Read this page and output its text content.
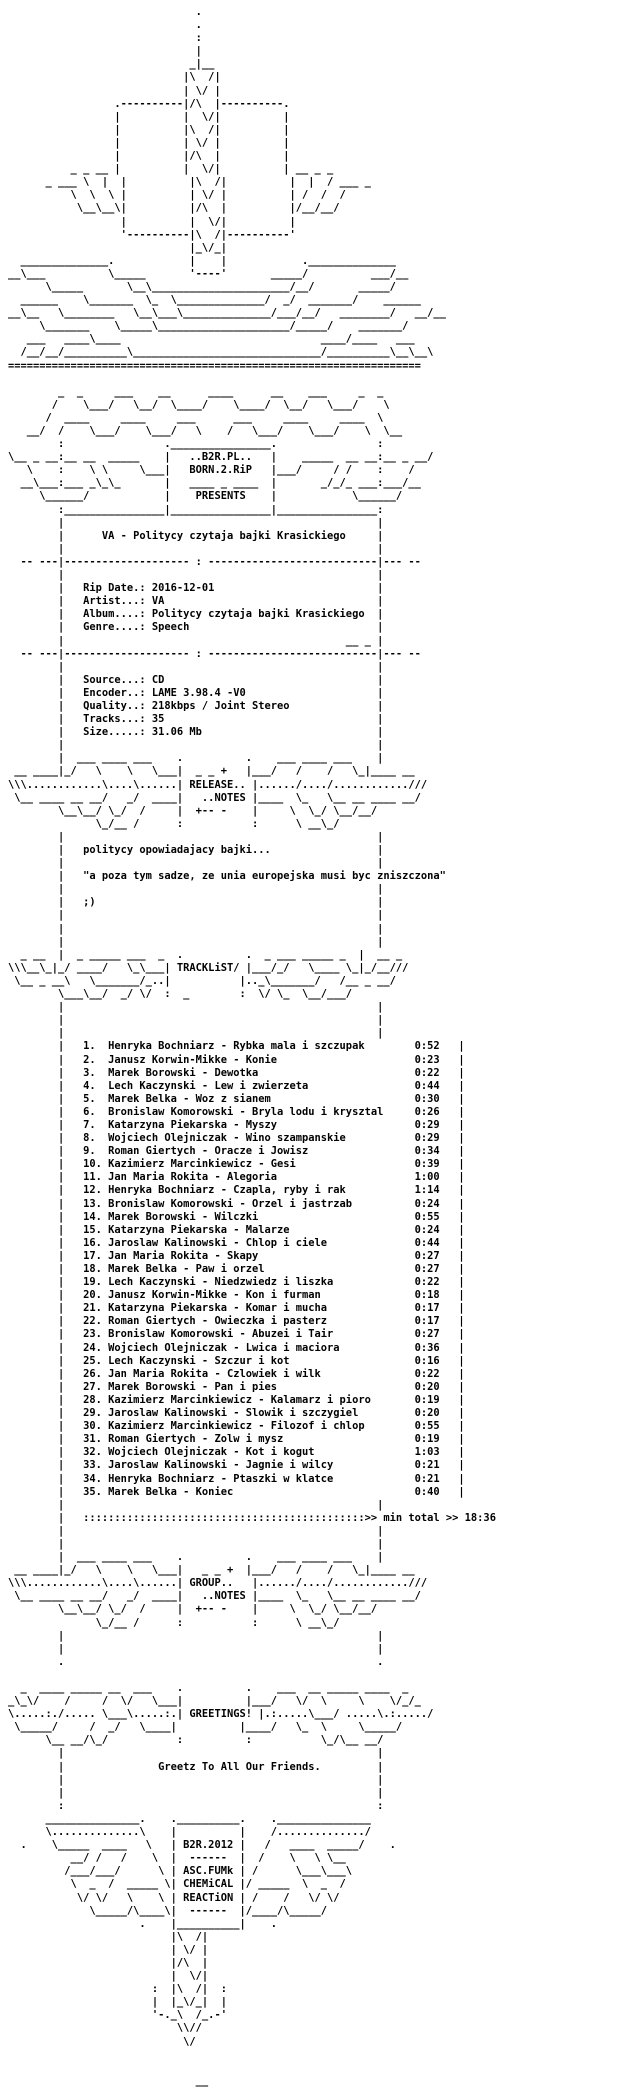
.
.
:
|
_|__
|\  /|
| \/ |
.----------|/\  |----------.
|          |  \/|          |
|          |\  /|          |
|          | \/ |          |
|          |/\  |          |
_ _ __ |          |  \/|          | __ _ _
_ ___ \  |  |          |\  /|          |  |  / ___ _
\  \  \ |          | \/ |          | /  /  /
\__\__\|          |/\  |          |/__/__/
|          |  \/|          |
'----------|\  /|----------'
|_\/_|
______________.            |    |            .______________
__\___          \_____       '----'       _____/          ___/__
\_____       \__\______________________/__/       _____/
______    \_______  \_  \______________/  _/  _______/    ______
__\__   \________   \__\___\______________/___/__/   ________/   __/__
\_______    \_____\_____________________/_____/    _______/
___   ____\____                                ____/____   ___
/__/__/__________\______________________________/__________\__\__\
==================================================================

_  _     ___    __      ____      __    ___     _  _
/    \___/   \__/  \____/    \____/  \__/   \___/    \
/  ____     ____     ___      ___     ____     ____  \
__/  /    \___/    \___/   \    /   \___/    \___/    \  \__
:                .________________.                :
\__ _ __:__ __  _____    |   ..B2R.PL..   |    _____  __ __:__ _ __/
\    :    \ \     \___|   BORN.2.RiP   |___/     / /    :    /
__\___:___ _\_\_       |   ____ _ ____  |       _/_/_ ___:___/__
\______/            |    PRESENTS    |            \______/
:________________|________________|________________:
|                                                  |
|      VA - Politycy czytaja bajki Krasickiego     |
|                                                  |
-- ---|-------------------- : ---------------------------|--- --
|                                                  |
|   Rip Date.: 2016-12-01                          |
|   Artist...: VA                                  |
|   Album....: Politycy czytaja bajki Krasickiego  |
|   Genre....: Speech                              |
|                                             __ _ |
-- ---|-------------------- : ---------------------------|--- --
|                                                  |
|   Source...: CD                                  |
|   Encoder..: LAME 3.98.4 -V0                     |
|   Quality..: 218kbps / Joint Stereo              |
|   Tracks...: 35                                  |
|   Size.....: 31.06 Mb                            |
|                                                  |
|  ___ ____ ___    .          .    ___ ____ ___    |
__ ____|_/   \    \   \___|  _ _ +   |___/   /    /   \_|____ __
\\\............\....\......| RELEASE.. |....../..../............///
\__ ____ __ __/   _/  ____|   ..NOTES |____  \_   \__ __ ____ __/
\__\__/ \_/  /     |  +-- -    |     \  \_/ \__/__/
\_/__ /      :           :      \ __\_/
|                                                  |
|   politycy opowiadajacy bajki...                 |
|                                                  |
|   "a poza tym sadze, ze unia europejska musi byc zniszczona"
|                                                  |
|   ;)                                             |
|                                                  |
|                                                  |
|                                                  |
_ __  |  _ _____ ___  _  .          .  _ ___ _____ _  |  __ _
\\\__\_|_/ ____/   \_\___| TRACKLiST/ |___/_/   \____ \_|_/__///
\__ _ __\   \_______/_..|           |.._\_______/   /__ _ __/
\___\__/  _/ \/  :  _        :  \/ \_  \__/___/
|                                                  |
|                                                  |
|                                                  |
|   1.  Henryka Bochniarz - Rybka mala i szczupak        0:52   |
|   2.  Janusz Korwin-Mikke - Konie                      0:23   |
|   3.  Marek Borowski - Dewotka                         0:22   |
|   4.  Lech Kaczynski - Lew i zwierzeta                 0:44   |
|   5.  Marek Belka - Woz z sianem                       0:30   |
|   6.  Bronislaw Komorowski - Bryla lodu i krysztal     0:26   |
|   7.  Katarzyna Piekarska - Myszy                      0:29   |
|   8.  Wojciech Olejniczak - Wino szampanskie           0:29   |
|   9.  Roman Giertych - Oracze i Jowisz                 0:34   |
|   10. Kazimierz Marcinkiewicz - Gesi                   0:39   |
|   11. Jan Maria Rokita - Alegoria                      1:00   |
|   12. Henryka Bochniarz - Czapla, ryby i rak           1:14   |
|   13. Bronislaw Komorowski - Orzel i jastrzab          0:24   |
|   14. Marek Borowski - Wilczki                         0:55   |
|   15. Katarzyna Piekarska - Malarze                    0:24   |
|   16. Jaroslaw Kalinowski - Chlop i ciele              0:44   |
|   17. Jan Maria Rokita - Skapy                         0:27   |
|   18. Marek Belka - Paw i orzel                        0:27   |
|   19. Lech Kaczynski - Niedzwiedz i liszka             0:22   |
|   20. Janusz Korwin-Mikke - Kon i furman               0:18   |
|   21. Katarzyna Piekarska - Komar i mucha              0:17   |
|   22. Roman Giertych - Owieczka i pasterz              0:17   |
|   23. Bronislaw Komorowski - Abuzei i Tair             0:27   |
|   24. Wojciech Olejniczak - Lwica i maciora            0:36   |
|   25. Lech Kaczynski - Szczur i kot                    0:16   |
|   26. Jan Maria Rokita - Czlowiek i wilk               0:22   |
|   27. Marek Borowski - Pan i pies                      0:20   |
|   28. Kazimierz Marcinkiewicz - Kalamarz i pioro       0:19   |
|   29. Jaroslaw Kalinowski - Slowik i szczygiel         0:20   |
|   30. Kazimierz Marcinkiewicz - Filozof i chlop        0:55   |
|   31. Roman Giertych - Zolw i mysz                     0:19   |
|   32. Wojciech Olejniczak - Kot i kogut                1:03   |
|   33. Jaroslaw Kalinowski - Jagnie i wilcy             0:21   |
|   34. Henryka Bochniarz - Ptaszki w klatce             0:21   |
|   35. Marek Belka - Koniec                             0:40   |
|                                                  |
|   :::::::::::::::::::::::::::::::::::::::::::::>> min total >> 18:36
|                                                  |
|                                                  |
|  ___ ____ ___    .          .    ___ ____ ___    |
__ ____|_/   \    \   \___|   _ _ +  |___/   /    /   \_|____ __
\\\............\....\......| GROUP..   |....../..../............///
\__ ____ __ __/   _/  ____|   ..NOTES |____  \_   \__ __ ____ __/
\__\__/ \_/  /     |  +-- -    |     \  \_/ \__/__/
\_/__ /      :           :      \ __\_/
|                                                  |
|                                                  |
.                                                  .

_  ____ _____ __  ___    .          .    ___  __ _____ ____  _
_\_\/    /     /  \/   \___|          |___/   \/  \     \    \/_/_
\.....:./..... \___\.....:.| GREETINGS! |.:.....\___/ .....\.:...../
\_____/     /  _/   \____|          |____/   \_  \     \_____/
\__ __/\_/           :          :           \_/\__ __/
|                                                  |
|               Greetz To All Our Friends.         |
|                                                  |
|                                                  |
:                                                  :
_______________.    .__________.    ._______________
\..............\    |          |    /............../
.    \_____  ____   \   | B2R.2012 |   /   ____  _____/    .
__/ /   /    \  |  ------  |  /    \   \ \__
/___/___/      \ | ASC.FUMk | /      \___\___\
\  _  /  _____ \| CHEMiCAL |/ _____  \  _  /
\/ \/   \    \ | REACTiON | /    /   \/ \/
\_____/\____\|  ------  |/____/\_____/
.    |__________|    .
|\  /|
| \/ |
|/\  |
|  \/|
:  |\  /|  :
|  |_\/_|  |
'-._\  /_.-'
\\//
\/

__
